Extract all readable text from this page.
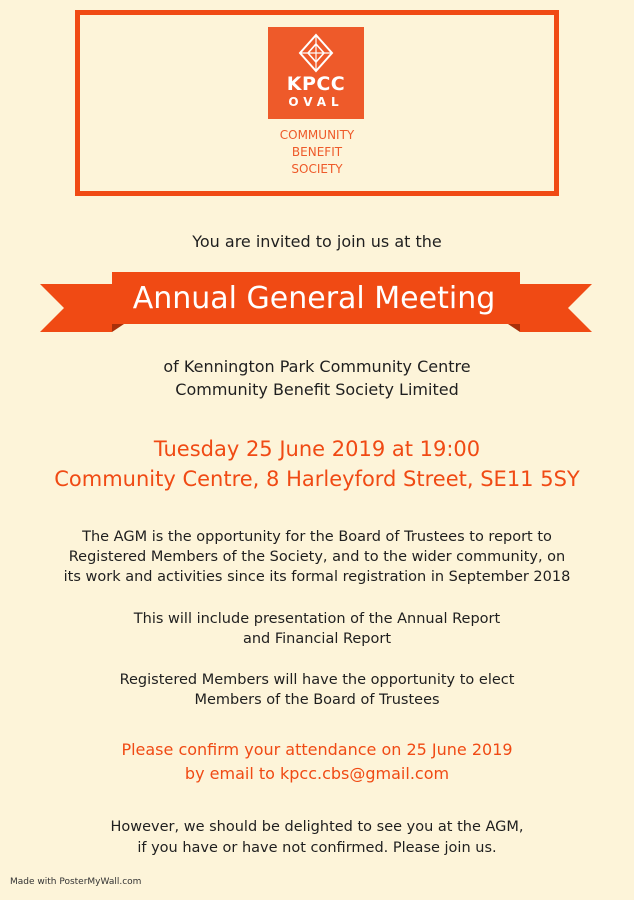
KPCC
OVAL
COMMUNITY
BENEFIT
SOCIETY
You are invited to join us at the
Annual General Meeting
of Kennington Park Community Centre
Community Benefit Society Limited
Tuesday 25 June 2019 at 19:00
Community Centre, 8 Harleyford Street, SE11 5SY
The AGM is the opportunity for the Board of Trustees to report to
Registered Members of the Society, and to the wider community, on
its work and activities since its formal registration in September 2018
This will include presentation of the Annual Report
and Financial Report
Registered Members will have the opportunity to elect
Members of the Board of Trustees
Please confirm your attendance on 25 June 2019
by email to kpcc.cbs@gmail.com
However, we should be delighted to see you at the AGM,
if you have or have not confirmed. Please join us.
Made with PosterMyWall.com
